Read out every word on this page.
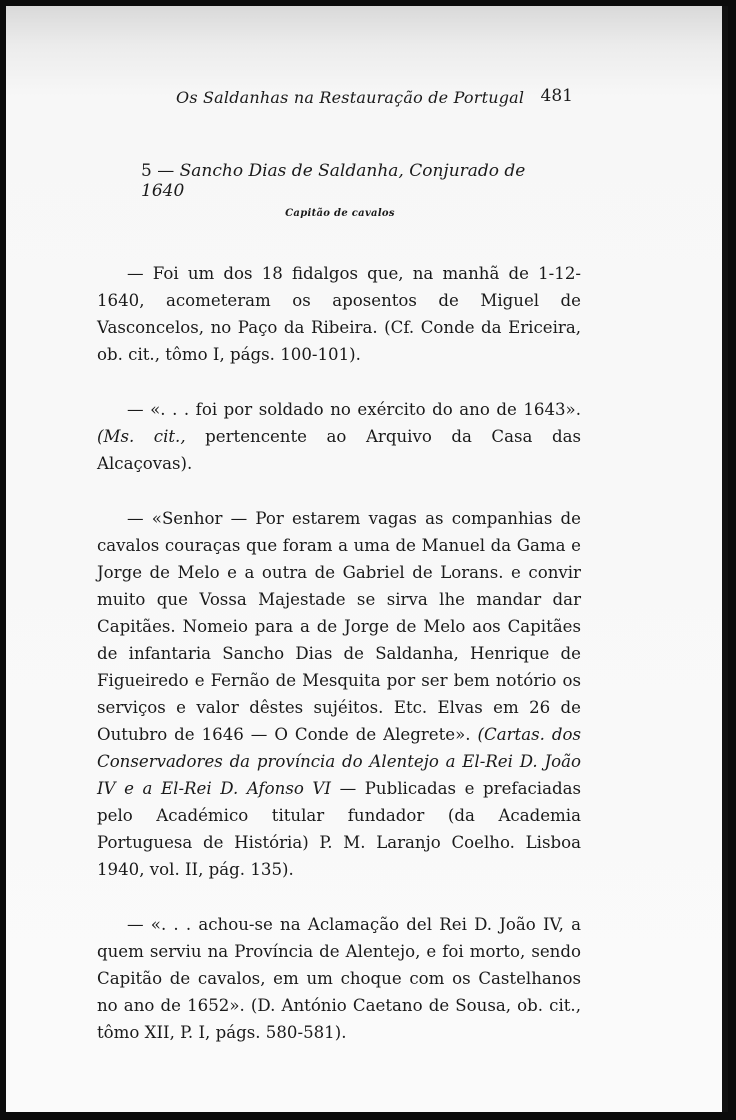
Os Saldanhas na Restauração de Portugal 481
5 — Sancho Dias de Saldanha, Conjurado de 1640
Capitão de cavalos

— Foi um dos 18 fidalgos que, na manhã de 1-12-1640, acometeram os aposentos de Miguel de Vasconcelos, no Paço da Ribeira. (Cf. Conde da Ericeira, ob. cit., tômo I, págs. 100-101).

— «. . . foi por soldado no exército do ano de 1643». (Ms. cit., pertencente ao Arquivo da Casa das Alcaçovas).

— «Senhor — Por estarem vagas as companhias de cavalos couraças que foram a uma de Manuel da Gama e Jorge de Melo e a outra de Gabriel de Lorans. e convir muito que Vossa Majestade se sirva lhe mandar dar Capitães. Nomeio para a de Jorge de Melo aos Capitães de infantaria Sancho Dias de Saldanha, Henrique de Figueiredo e Fernão de Mesquita por ser bem notório os serviços e valor dêstes sujéitos. Etc. Elvas em 26 de Outubro de 1646 — O Conde de Alegrete». (Cartas. dos Conservadores da província do Alentejo a El-Rei D. João IV e a El-Rei D. Afonso VI — Publicadas e prefaciadas pelo Académico titular fundador (da Academia Portuguesa de História) P. M. Laranjo Coelho. Lisboa 1940, vol. II, pág. 135).

— «. . . achou-se na Aclamação del Rei D. João IV, a quem serviu na Província de Alentejo, e foi morto, sendo Capitão de cavalos, em um choque com os Castelhanos no ano de 1652». (D. António Caetano de Sousa, ob. cit., tômo XII, P. I, págs. 580-581).
